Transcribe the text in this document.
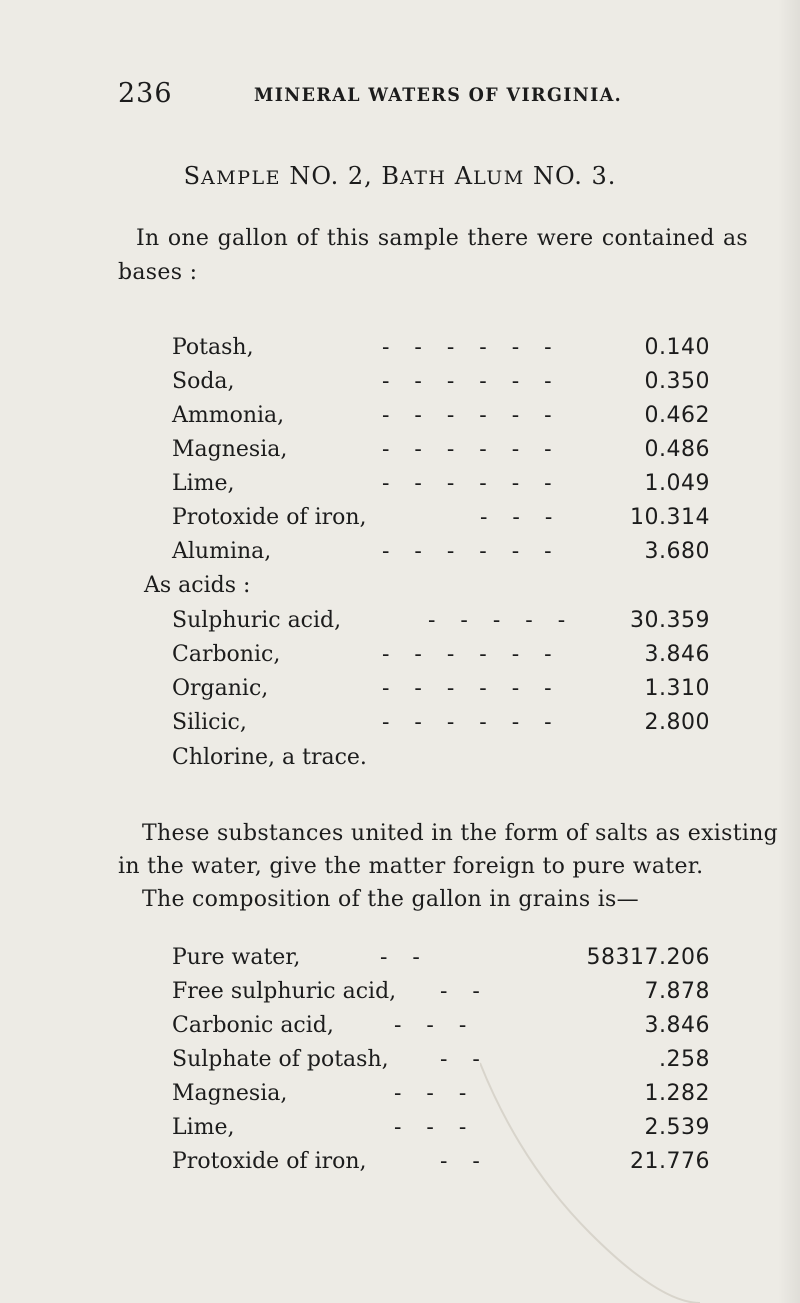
236	MINERAL WATERS OF VIRGINIA.
SAMPLE NO. 2, BATH ALUM NO. 3.
In one gallon of this sample there were contained as
bases :
Potash,	- - - - - -	0.140
Soda,	- - - - - -	0.350
Ammonia,	- - - - - -	0.462
Magnesia,	- - - - - -	0.486
Lime,	- - - - - -	1.049
Protoxide of iron,	- - -	10.314
Alumina,	- - - - - -	3.680
As acids :
Sulphuric acid,	- - - - -	30.359
Carbonic,	- - - - - -	3.846
Organic,	- - - - - -	1.310
Silicic,	- - - - - -	2.800
Chlorine, a trace.
These substances united in the form of salts as existing
in the water, give the matter foreign to pure water.
The composition of the gallon in grains is—
Pure water,	- -	58317.206
Free sulphuric acid, - -	7.878
Carbonic acid,	- - -	3.846
Sulphate of potash, - -	.258
Magnesia,	- - -	1.282
Lime,	- - -	2.539
Protoxide of iron,	- -	21.776
